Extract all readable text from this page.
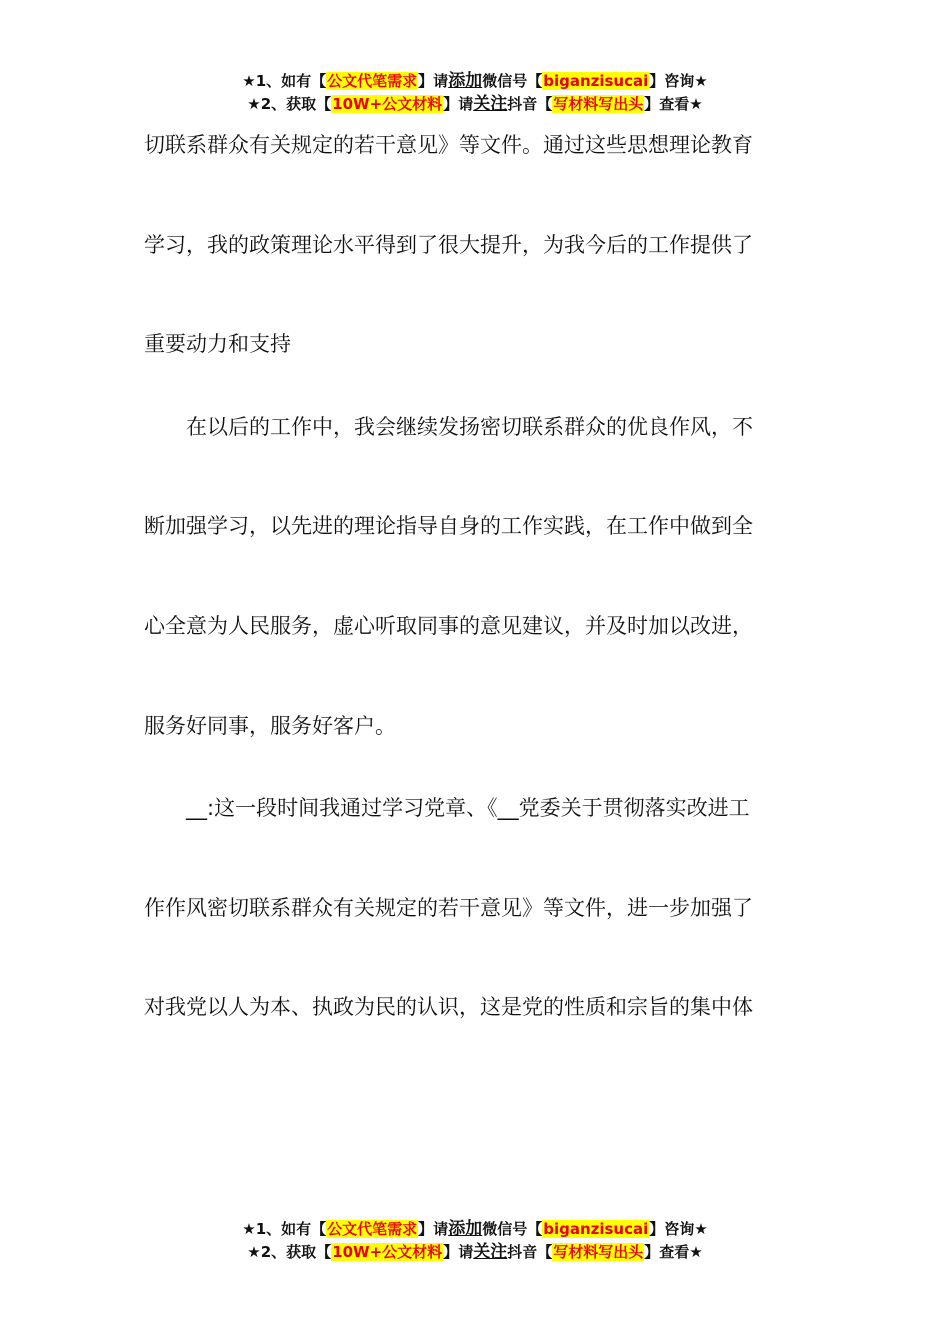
★1、如有【公文代笔需求】请添加微信号【biganzisucai】咨询★
★2、获取【10W+公文材料】请关注抖音【写材料写出头】查看★
切联系群众有关规定的若干意见》等文件。通过这些思想理论教育
学习，我的政策理论水平得到了很大提升，为我今后的工作提供了
重要动力和支持
在以后的工作中，我会继续发扬密切联系群众的优良作风，不
断加强学习，以先进的理论指导自身的工作实践，在工作中做到全
心全意为人民服务，虚心听取同事的意见建议，并及时加以改进，
服务好同事，服务好客户。
__:这一段时间我通过学习党章、《__党委关于贯彻落实改进工
作作风密切联系群众有关规定的若干意见》等文件，进一步加强了
对我党以人为本、执政为民的认识，这是党的性质和宗旨的集中体
★1、如有【公文代笔需求】请添加微信号【biganzisucai】咨询★
★2、获取【10W+公文材料】请关注抖音【写材料写出头】查看★
